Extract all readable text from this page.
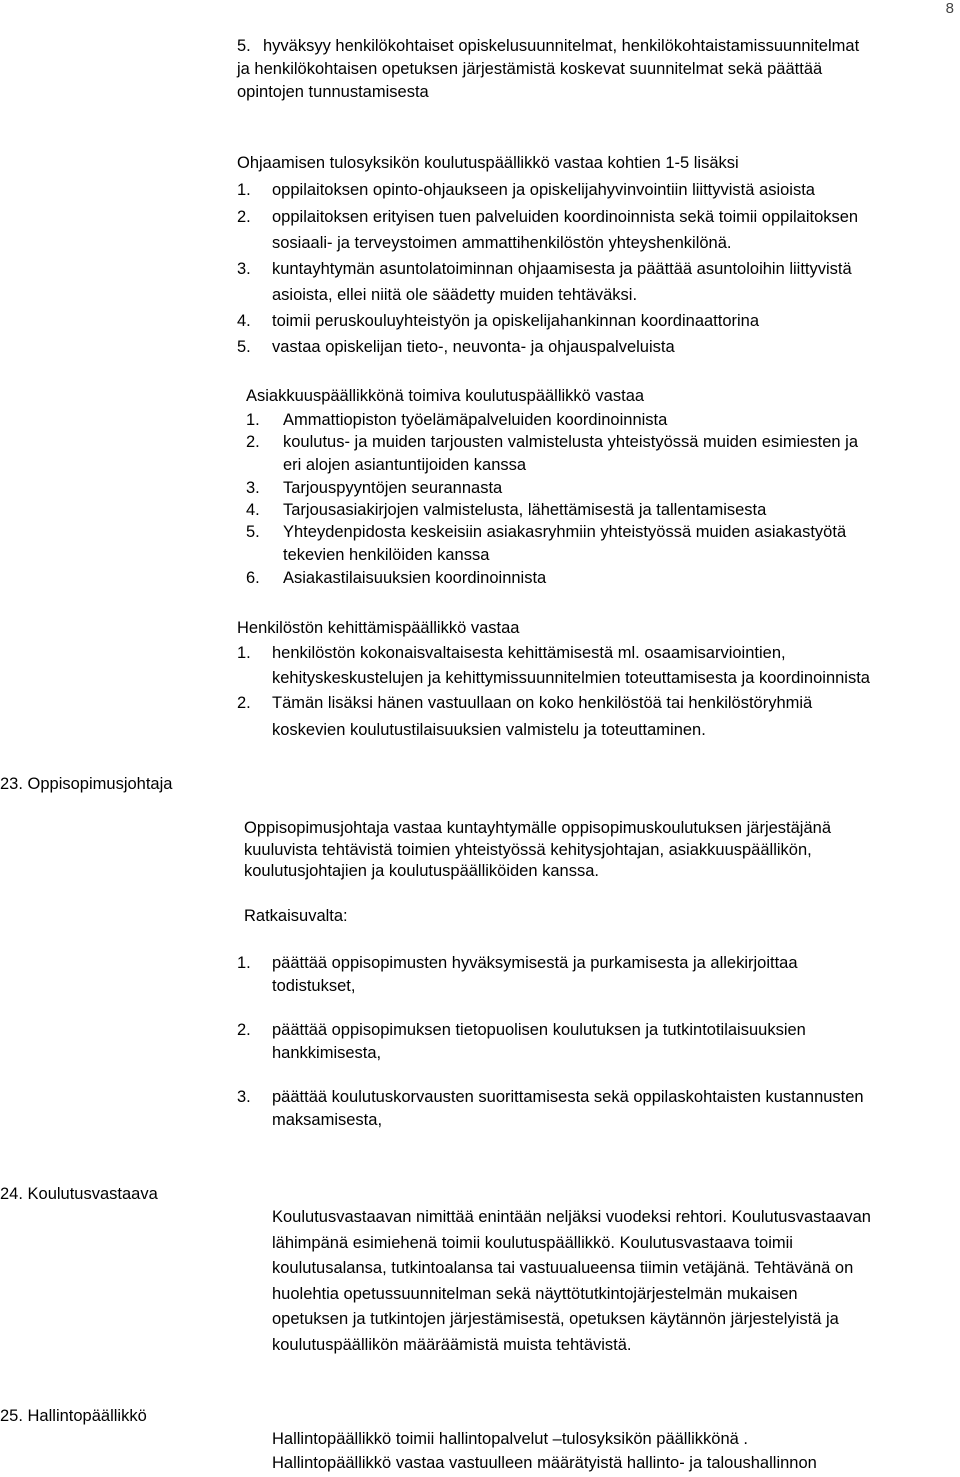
8
5. hyväksyy henkilökohtaiset opiskelusuunnitelmat, henkilökohtaistamissuunnitelmat
ja henkilökohtaisen opetuksen järjestämistä koskevat suunnitelmat sekä päättää
opintojen tunnustamisesta
Ohjaamisen tulosyksikön koulutuspäällikkö vastaa kohtien 1-5 lisäksi
1. oppilaitoksen opinto-ohjaukseen ja opiskelijahyvinvointiin liittyvistä asioista
2. oppilaitoksen erityisen tuen palveluiden koordinoinnista sekä toimii oppilaitoksen
sosiaali- ja terveystoimen ammattihenkilöstön yhteyshenkilönä.
3. kuntayhtymän asuntolatoiminnan ohjaamisesta ja päättää asuntoloihin liittyvistä
asioista, ellei niitä ole säädetty muiden tehtäväksi.
4. toimii peruskouluyhteistyön ja opiskelijahankinnan koordinaattorina
5. vastaa opiskelijan tieto-, neuvonta- ja ohjauspalveluista
Asiakkuuspäällikkönä toimiva koulutuspäällikkö vastaa
1. Ammattiopiston työelämäpalveluiden koordinoinnista
2. koulutus- ja muiden tarjousten valmistelusta yhteistyössä muiden esimiesten ja
eri alojen asiantuntijoiden kanssa
3. Tarjouspyyntöjen seurannasta
4. Tarjousasiakirjojen valmistelusta, lähettämisestä ja tallentamisesta
5. Yhteydenpidosta keskeisiin asiakasryhmiin yhteistyössä muiden asiakastyötä
tekevien henkilöiden kanssa
6. Asiakastilaisuuksien koordinoinnista
Henkilöstön kehittämispäällikkö vastaa
1. henkilöstön kokonaisvaltaisesta kehittämisestä ml. osaamisarviointien,
kehityskeskustelujen ja kehittymissuunnitelmien toteuttamisesta ja koordinoinnista
2. Tämän lisäksi hänen vastuullaan on koko henkilöstöä tai henkilöstöryhmiä
koskevien koulutustilaisuuksien valmistelu ja toteuttaminen.
23. Oppisopimusjohtaja
Oppisopimusjohtaja vastaa kuntayhtymälle oppisopimuskoulutuksen järjestäjänä
kuuluvista tehtävistä toimien yhteistyössä kehitysjohtajan, asiakkuuspäällikön,
koulutusjohtajien ja koulutuspäälliköiden kanssa.
Ratkaisuvalta:
1. päättää oppisopimusten hyväksymisestä ja purkamisesta ja allekirjoittaa
todistukset,
2. päättää oppisopimuksen tietopuolisen koulutuksen ja tutkintotilaisuuksien
hankkimisesta,
3. päättää koulutuskorvausten suorittamisesta sekä oppilaskohtaisten kustannusten
maksamisesta,
24. Koulutusvastaava
Koulutusvastaavan nimittää enintään neljäksi vuodeksi rehtori. Koulutusvastaavan
lähimpänä esimiehenä toimii koulutuspäällikkö. Koulutusvastaava toimii
koulutusalansa, tutkintoalansa tai vastuualueensa tiimin vetäjänä. Tehtävänä on
huolehtia opetussuunnitelman sekä näyttötutkintojärjestelmän mukaisen
opetuksen ja tutkintojen järjestämisestä, opetuksen käytännön järjestelyistä ja
koulutuspäällikön määräämistä muista tehtävistä.
25. Hallintopäällikkö
Hallintopäällikkö toimii hallintopalvelut –tulosyksikön päällikkönä .
Hallintopäällikkö vastaa vastuulleen määrätyistä hallinto- ja taloushallinnon
